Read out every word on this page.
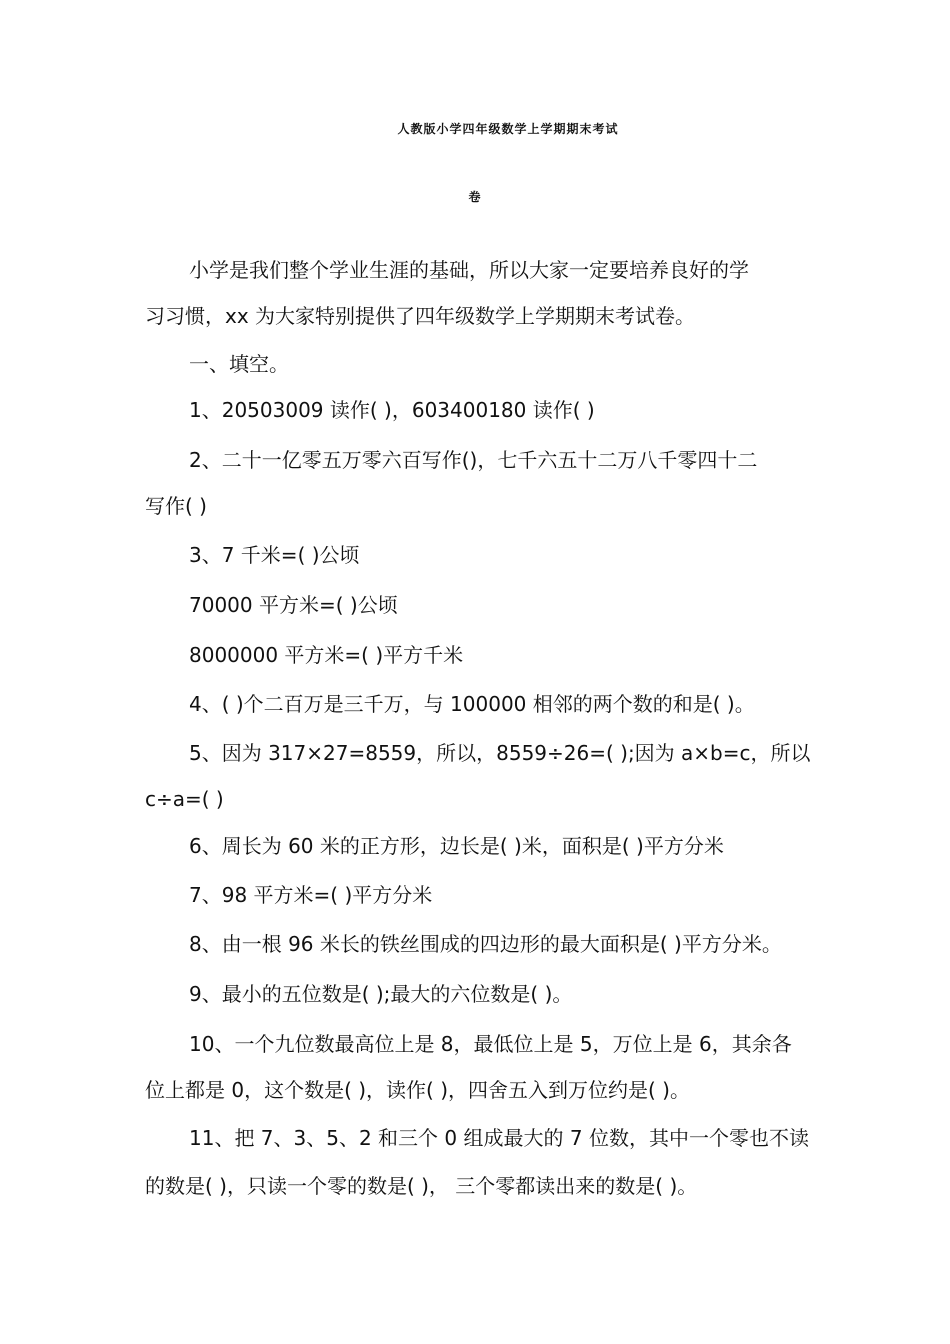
人教版小学四年级数学上学期期末考试
卷
小学是我们整个学业生涯的基础，所以大家一定要培养良好的学
习习惯，xx 为大家特别提供了四年级数学上学期期末考试卷。
一、填空。
1、20503009 读作( )，603400180 读作( )
2、二十一亿零五万零六百写作()，七千六五十二万八千零四十二
写作( )
3、7 千米=( )公顷
70000 平方米=( )公顷
8000000 平方米=( )平方千米
4、( )个二百万是三千万，与 100000 相邻的两个数的和是( )。
5、因为 317×27=8559，所以，8559÷26=( );因为 a×b=c，所以
c÷a=( )
6、周长为 60 米的正方形，边长是( )米，面积是( )平方分米
7、98 平方米=( )平方分米
8、由一根 96 米长的铁丝围成的四边形的最大面积是( )平方分米。
9、最小的五位数是( );最大的六位数是( )。
10、一个九位数最高位上是 8，最低位上是 5，万位上是 6，其余各
位上都是 0，这个数是( )，读作( )，四舍五入到万位约是( )。
11、把 7、3、5、2 和三个 0 组成最大的 7 位数，其中一个零也不读
的数是( )，只读一个零的数是( )， 三个零都读出来的数是( )。
